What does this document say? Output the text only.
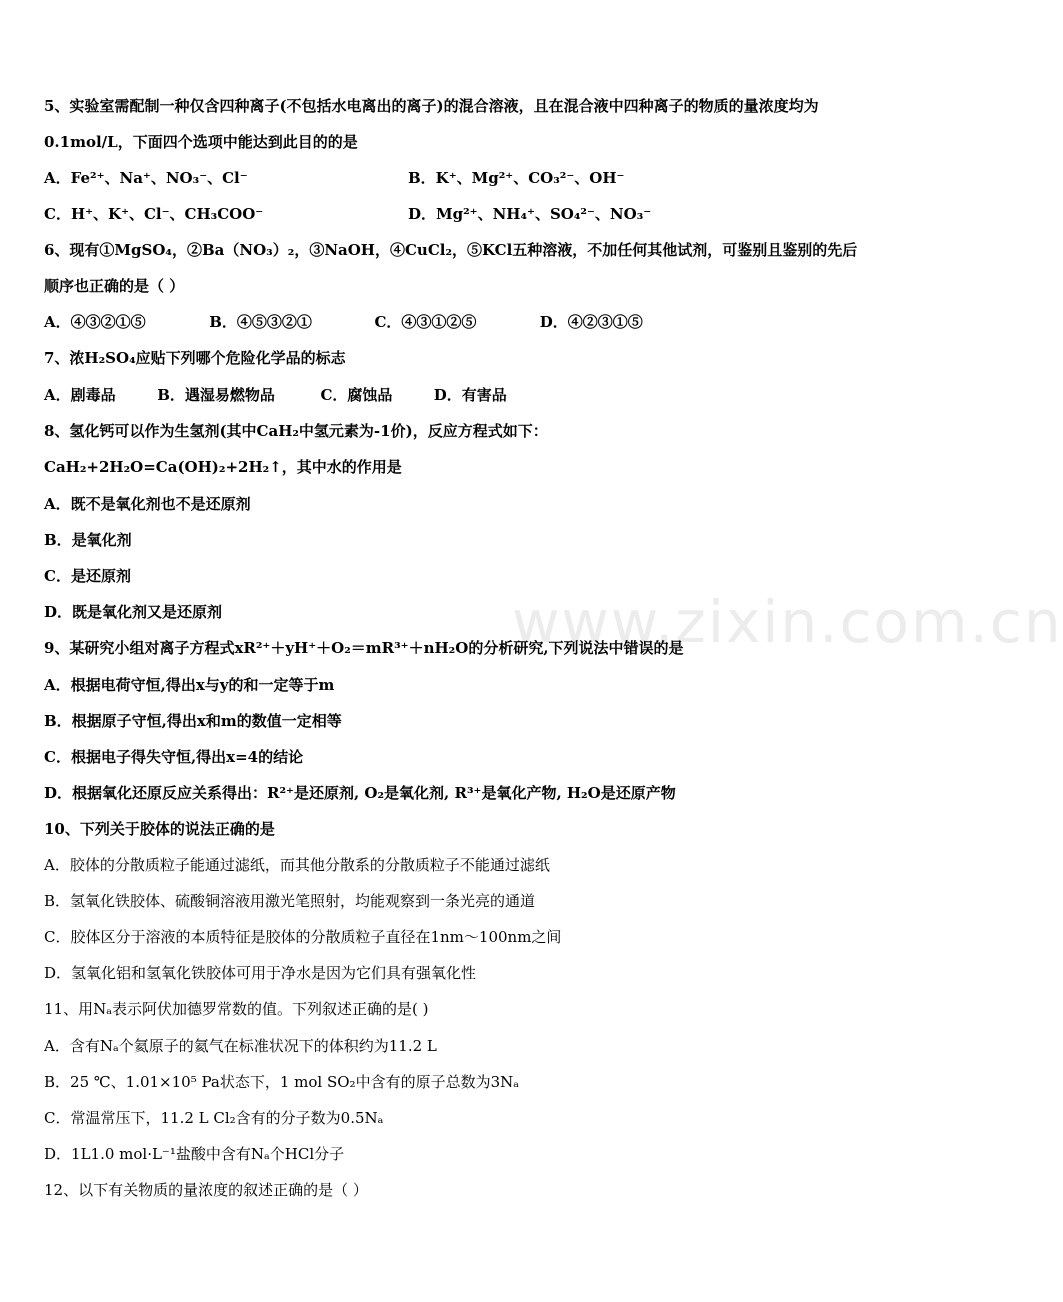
www.zixin.com.cn
5、实验室需配制一种仅含四种离子(不包括水电离出的离子)的混合溶液，且在混合液中四种离子的物质的量浓度均为
0.1mol/L，下面四个选项中能达到此目的的是
A．Fe²⁺、Na⁺、NO₃⁻、Cl⁻	B．K⁺、Mg²⁺、CO₃²⁻、OH⁻
C．H⁺、K⁺、Cl⁻、CH₃COO⁻	D．Mg²⁺、NH₄⁺、SO₄²⁻、NO₃⁻
6、现有①MgSO₄，②Ba（NO₃）₂，③NaOH，④CuCl₂，⑤KCl五种溶液，不加任何其他试剂，可鉴别且鉴别的先后
顺序也正确的是（ ）
A．④③②①⑤	B．④⑤③②①	C．④③①②⑤	D．④②③①⑤
7、浓H₂SO₄应贴下列哪个危险化学品的标志
A．剧毒品	B．遇湿易燃物品	C．腐蚀品	D．有害品
8、氢化钙可以作为生氢剂(其中CaH₂中氢元素为-1价)，反应方程式如下：
CaH₂+2H₂O=Ca(OH)₂+2H₂↑，其中水的作用是
A．既不是氧化剂也不是还原剂
B．是氧化剂
C．是还原剂
D．既是氧化剂又是还原剂
9、某研究小组对离子方程式xR²⁺＋yH⁺＋O₂＝mR³⁺＋nH₂O的分析研究,下列说法中错误的是
A．根据电荷守恒,得出x与y的和一定等于m
B．根据原子守恒,得出x和m的数值一定相等
C．根据电子得失守恒,得出x=4的结论
D．根据氧化还原反应关系得出：R²⁺是还原剂, O₂是氧化剂, R³⁺是氧化产物, H₂O是还原产物
10、下列关于胶体的说法正确的是
A．胶体的分散质粒子能通过滤纸，而其他分散系的分散质粒子不能通过滤纸
B．氢氧化铁胶体、硫酸铜溶液用激光笔照射，均能观察到一条光亮的通道
C．胶体区分于溶液的本质特征是胶体的分散质粒子直径在1nm～100nm之间
D．氢氧化铝和氢氧化铁胶体可用于净水是因为它们具有强氧化性
11、用Nₐ表示阿伏加德罗常数的值。下列叙述正确的是( )
A．含有Nₐ个氦原子的氦气在标准状况下的体积约为11.2 L
B．25 ℃、1.01×10⁵ Pa状态下，1 mol SO₂中含有的原子总数为3Nₐ
C．常温常压下，11.2 L Cl₂含有的分子数为0.5Nₐ
D．1L1.0 mol·L⁻¹盐酸中含有Nₐ个HCl分子
12、以下有关物质的量浓度的叙述正确的是（ ）
